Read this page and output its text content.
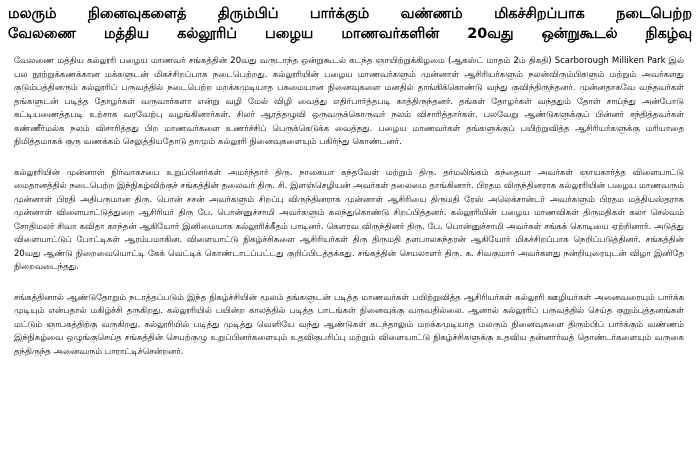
மலரும் நினைவுகளைத் திரும்பிப் பார்க்கும் வண்ணம் மிகச்சிறப்பாக நடைபெற்ற
வேலணை மத்திய கல்லூரிப் பழைய மாணவர்களின் 20வது ஒன்றுகூடல் நிகழ்வு

வேலணை மத்திய கல்லூரி பழைய மாணவர் சங்கத்தின் 20வது வருடாந்த ஒன்றுகூடல் கடந்த ஞாயிற்றுக்கிழமை (ஆகஸ்ட் மாதம் 2ம் திகதி) Scarborough Milliken Park இல் பல நூற்றுக்கணக்கான மக்களுடன் மிகச்சிறப்பாக நடைபெற்றது. கல்லூரியின் பழைய மாணவர்களும் முன்னாள் ஆசிரியர்களும் நலன்விரும்பிகளும் மற்றும் அவர்களது குடும்பத்தினரும் கல்லூரிப் பருவத்தில் நடைபெற்ற மறக்கமுடியாத பசுமையான நினைவுகளை மனதில் தாங்கிக்கொண்டு வந்து குவிந்திருந்தனர். முன்னதாகவே வந்தவர்கள் தங்களுடன் படித்த தோழர்கள் வருவார்களா என்று வழி மேல் விழி வைத்து எதிர்பார்த்தபடி காத்திருந்தனர். தங்கள் தோழர்கள் வந்ததும் தோள் சாய்ந்து அன்போடு கட்டியணைத்தபடி உற்சாக வரவேற்பு வழங்கினார்கள். சிலர் ஆரத்தழுவி ஒருவருக்கொருவர் நலம் விசாரித்தார்கள். பலவேறு ஆண்டுகளுக்குப் பின்னர் சந்தித்தவர்கள் கண்ணீர்மல்க நலம் விசாரித்தது பிற மாணவர்களை உணர்ச்சிப் பெருக்கெடுக்க வைத்தது. பழைய மாணவர்கள் தங்களுக்குப் பயிற்றுவித்த ஆசிரியர்களுக்கு மரியாதை நிமித்தமாகக் குரு வணக்கம் செலுத்தியதோடு தாமும் கல்லூரி நினைவுகளையும் பகிர்ந்து கொண்டனர்.

கல்லூரியின் முன்னாள் நிர்வாகசபை உறுப்பினர்கள் அமர்ந்தார் திரு. நாகையா கந்தவேள் மற்றும் திரு. தர்மலிங்கம் கந்தையா அவர்கள் ஞாயகார்த்த விளையாட்டு மைதானத்தில் நடைபெற்ற இந்நிகழ்விற்குச் சங்கத்தின் தலைவர் திரு. சி. இளஞ்செழியன் அவர்கள் தலைமை தாங்கினார். பிரதம விருந்தினராக கல்லூரியின் பழைய மாணவரும் முன்னாள் பிரதி அதிபருமான திரு. பொன் சசன் அவர்களும் சிறப்பு விருந்தினராக முன்னாள் ஆசிரியை திருமதி ரேஸ் அலெக்சான்டர் அவர்களும் பிரதம மத்தியஸ்தராக முன்னாள் விளையாட்டுத்துறை ஆசிரியர் திரு பே. பொன்னுச்சாமி அவர்களும் கலந்துகொண்டு சிறப்பித்தனர். கல்லூரியின் பழைய மாணவிகள் திருமதிகள் கலா செல்வம் சோதிமலர் சிவா கவிதா காந்தன் ஆகியோர் இனிமையாக கல்லூரிக்கீதம் பாடினர். கௌரவ விருந்தினர் திரு. பே. பொன்னுச்சாமி அவர்கள் சங்கக் கொடியை ஏற்றினார். அடுத்து விளையாட்டுப் போட்டிகள் ஆரம்பமாகின. விளையாட்டு நிகழ்ச்சிகளை ஆசிரியர்கள் திரு திருமதி தளபாலசுந்தரன் ஆகியோர் மிகச்சிறப்பாக நெறிப்படுத்தினர். சங்கத்தின் 20வது ஆண்டு நிறைவையொட்டி கேக் வெட்டிக் கொண்டாடப்பட்டது குறிப்பிடத்தக்கது. சங்கத்தின் செயலாளர் திரு. க. சிவகுமார் அவர்களது நன்றியுரையுடன் விழா இனிதே நிறைவடைந்தது.

சங்கத்தினால் ஆண்டுதோறும் நடாத்தப்படும் இந்த நிகழ்ச்சியின் மூலம் தங்களுடன் படித்த மாணவர்கள் பயிற்றுவித்த ஆசிரியர்கள் கல்லூரி ஊழியர்கள் அனைவரையும் பார்க்க முடியும் என்பதால் மகிழ்ச்சி தருகிறது. கல்லூரியில் பயின்ற காலத்தில் படித்த பாடங்கள் நினைவுக்கு வருவதில்லை. ஆனால் கல்லூரிப் பருவத்தில் செய்த குறும்புத்தனங்கள் மட்டும் ஞாபகத்திற்கு வருகிறது. கல்லூரியில் படித்து முடித்து வெளியே வந்து ஆண்டுகள் கடந்தாலும் மறக்கமுடியாத மலரும் நினைவுகளை திரும்பிப் பார்க்கும் வண்ணம் இந்நிகழ்வை ஒழுங்குசெய்த சங்கத்தின் செயற்குழு உறுப்பினர்களையும் உதவிகுபரிப்பு மற்றும் விளையாட்டு நிகழ்ச்சிகளுக்கு உதவிய தன்னார்வத் தொண்டர்களையும் வருகை தந்திருந்த அனைவரும் பாராட்டிச்சென்றனர்.
